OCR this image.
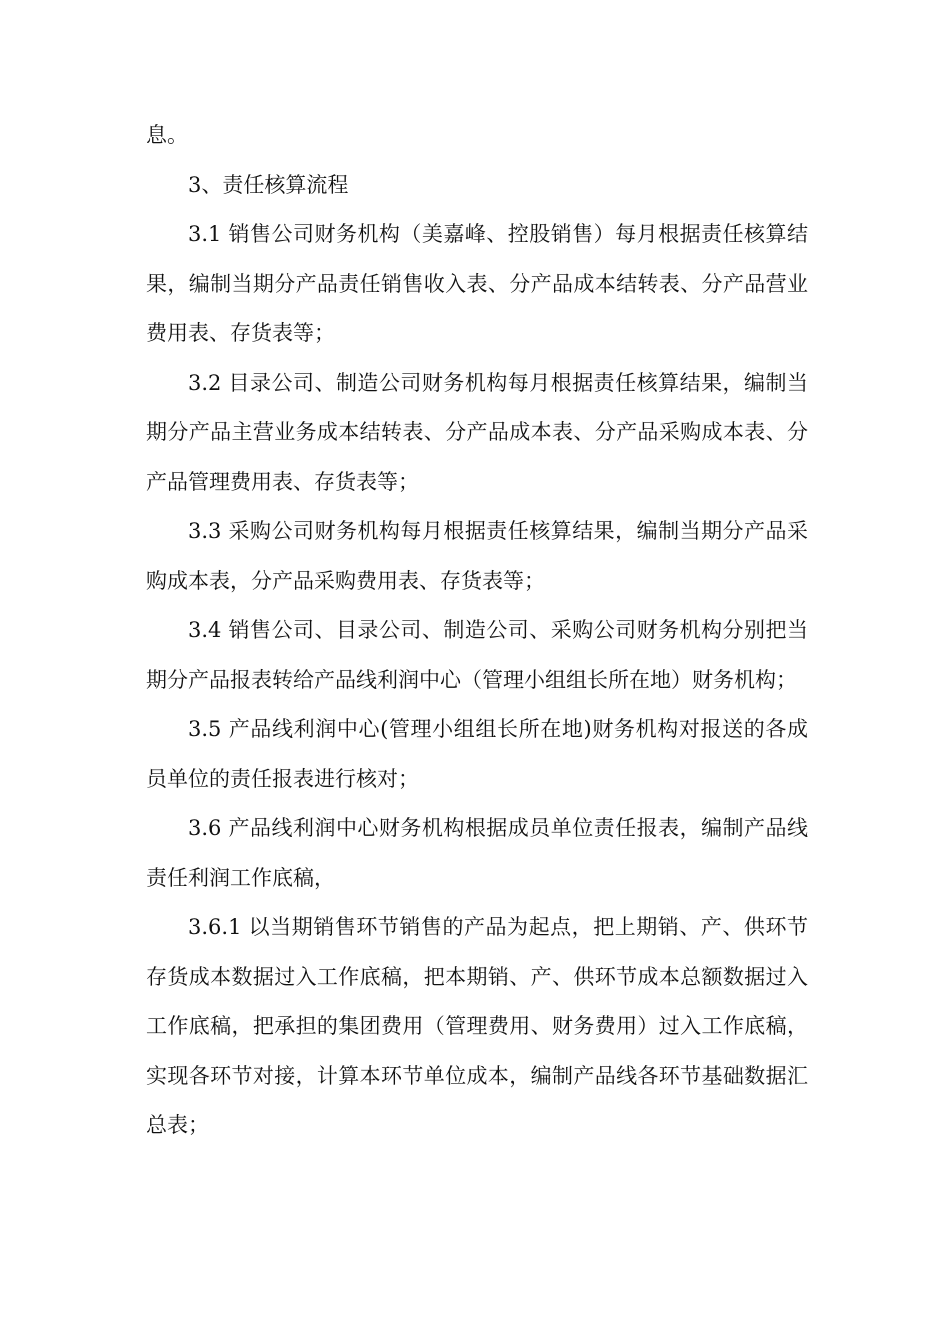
息。

3、责任核算流程

3.1 销售公司财务机构（美嘉峰、控股销售）每月根据责任核算结果，编制当期分产品责任销售收入表、分产品成本结转表、分产品营业费用表、存货表等；

3.2 目录公司、制造公司财务机构每月根据责任核算结果，编制当期分产品主营业务成本结转表、分产品成本表、分产品采购成本表、分产品管理费用表、存货表等；

3.3 采购公司财务机构每月根据责任核算结果，编制当期分产品采购成本表，分产品采购费用表、存货表等；

3.4 销售公司、目录公司、制造公司、采购公司财务机构分别把当期分产品报表转给产品线利润中心（管理小组组长所在地）财务机构；

3.5 产品线利润中心(管理小组组长所在地)财务机构对报送的各成员单位的责任报表进行核对；

3.6 产品线利润中心财务机构根据成员单位责任报表，编制产品线责任利润工作底稿，

3.6.1 以当期销售环节销售的产品为起点，把上期销、产、供环节存货成本数据过入工作底稿，把本期销、产、供环节成本总额数据过入工作底稿，把承担的集团费用（管理费用、财务费用）过入工作底稿，实现各环节对接，计算本环节单位成本，编制产品线各环节基础数据汇总表；
